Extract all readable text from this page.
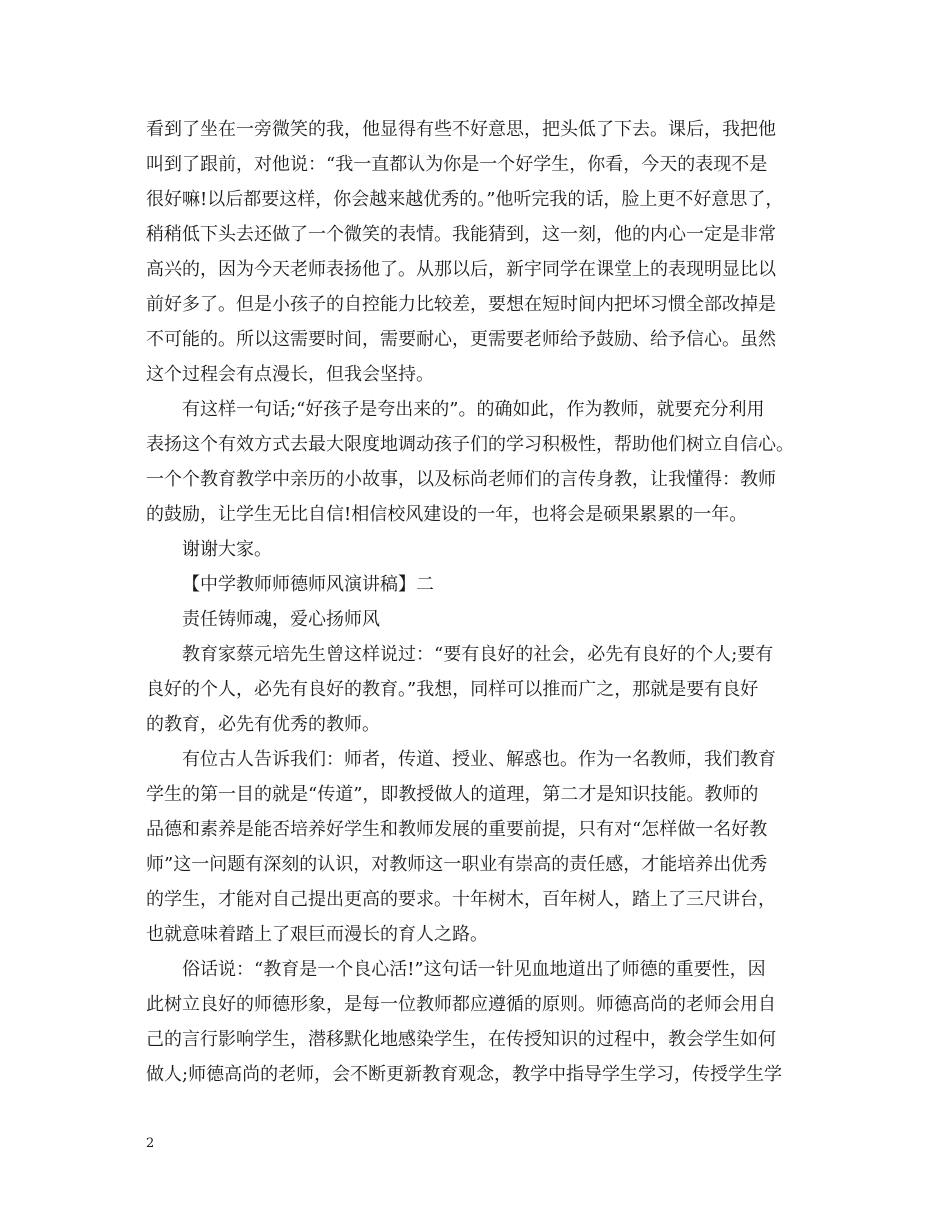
看到了坐在一旁微笑的我，他显得有些不好意思，把头低了下去。课后，我把他
叫到了跟前，对他说：“我一直都认为你是一个好学生，你看，今天的表现不是
很好嘛!以后都要这样，你会越来越优秀的。”他听完我的话，脸上更不好意思了，
稍稍低下头去还做了一个微笑的表情。我能猜到，这一刻，他的内心一定是非常
高兴的，因为今天老师表扬他了。从那以后，新宇同学在课堂上的表现明显比以
前好多了。但是小孩子的自控能力比较差，要想在短时间内把坏习惯全部改掉是
不可能的。所以这需要时间，需要耐心，更需要老师给予鼓励、给予信心。虽然
这个过程会有点漫长，但我会坚持。
有这样一句话;“好孩子是夸出来的”。的确如此，作为教师，就要充分利用
表扬这个有效方式去最大限度地调动孩子们的学习积极性，帮助他们树立自信心。
一个个教育教学中亲历的小故事，以及标尚老师们的言传身教，让我懂得：教师
的鼓励，让学生无比自信!相信校风建设的一年，也将会是硕果累累的一年。
谢谢大家。
【中学教师师德师风演讲稿】二
责任铸师魂，爱心扬师风
教育家蔡元培先生曾这样说过：“要有良好的社会，必先有良好的个人;要有
良好的个人，必先有良好的教育。”我想，同样可以推而广之，那就是要有良好
的教育，必先有优秀的教师。
有位古人告诉我们：师者，传道、授业、解惑也。作为一名教师，我们教育
学生的第一目的就是“传道”，即教授做人的道理，第二才是知识技能。教师的
品德和素养是能否培养好学生和教师发展的重要前提，只有对“怎样做一名好教
师”这一问题有深刻的认识，对教师这一职业有崇高的责任感，才能培养出优秀
的学生，才能对自己提出更高的要求。十年树木，百年树人，踏上了三尺讲台，
也就意味着踏上了艰巨而漫长的育人之路。
俗话说：“教育是一个良心活!”这句话一针见血地道出了师德的重要性，因
此树立良好的师德形象，是每一位教师都应遵循的原则。师德高尚的老师会用自
己的言行影响学生，潜移默化地感染学生，在传授知识的过程中，教会学生如何
做人;师德高尚的老师，会不断更新教育观念，教学中指导学生学习，传授学生学
2
